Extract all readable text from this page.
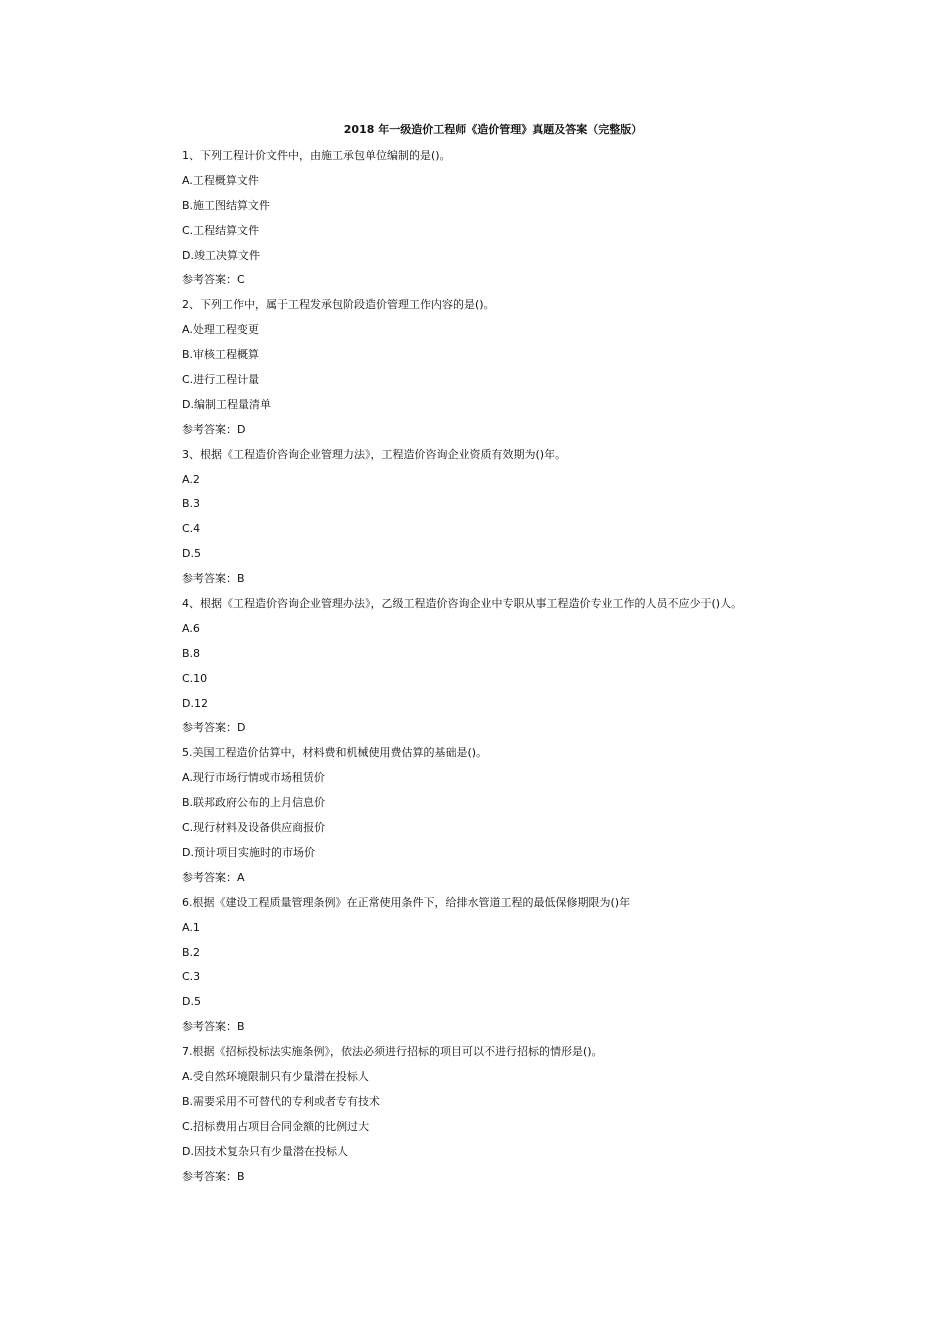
2018 年一级造价工程师《造价管理》真题及答案（完整版）
1、下列工程计价文件中，由施工承包单位编制的是()。
A.工程概算文件
B.施工图结算文件
C.工程结算文件
D.竣工决算文件
参考答案：C
2、下列工作中，属于工程发承包阶段造价管理工作内容的是()。
A.处理工程变更
B.审核工程概算
C.进行工程计量
D.编制工程量清单
参考答案：D
3、根据《工程造价咨询企业管理力法》，工程造价咨询企业资质有效期为()年。
A.2
B.3
C.4
D.5
参考答案：B
4、根据《工程造价咨询企业管理办法》，乙级工程造价咨询企业中专职从事工程造价专业工作的人员不应少于()人。
A.6
B.8
C.10
D.12
参考答案：D
5.美国工程造价估算中，材料费和机械使用费估算的基础是()。
A.现行市场行情或市场租赁价
B.联邦政府公布的上月信息价
C.现行材料及设备供应商报价
D.预计项目实施时的市场价
参考答案：A
6.根据《建设工程质量管理条例》在正常使用条件下，给排水管道工程的最低保修期限为()年
A.1
B.2
C.3
D.5
参考答案：B
7.根据《招标投标法实施条例》，依法必须进行招标的项目可以不进行招标的情形是()。
A.受自然环境限制只有少量潜在投标人
B.需要采用不可替代的专利或者专有技术
C.招标费用占项目合同金额的比例过大
D.因技术复杂只有少量潜在投标人
参考答案：B
